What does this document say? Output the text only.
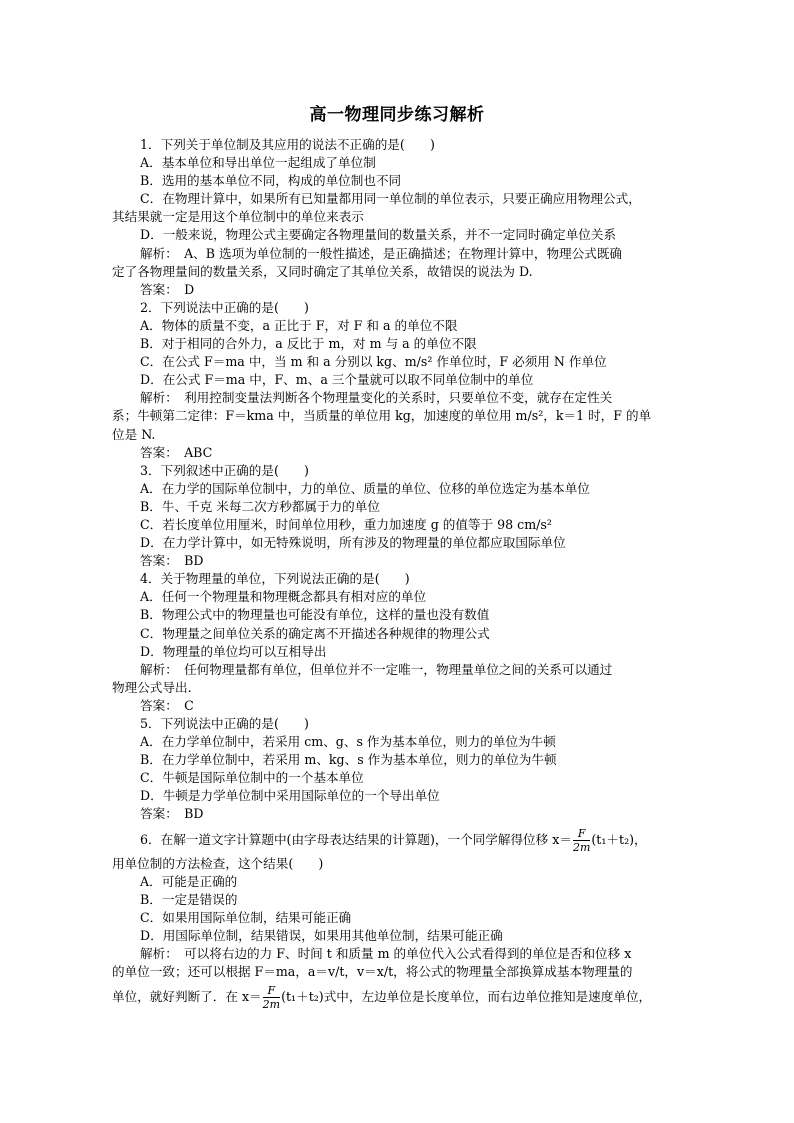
高一物理同步练习解析
1．下列关于单位制及其应用的说法不正确的是(　　)
A．基本单位和导出单位一起组成了单位制
B．选用的基本单位不同，构成的单位制也不同
C．在物理计算中，如果所有已知量都用同一单位制的单位表示，只要正确应用物理公式，
其结果就一定是用这个单位制中的单位来表示
D．一般来说，物理公式主要确定各物理量间的数量关系，并不一定同时确定单位关系
解析：　A、B 选项为单位制的一般性描述，是正确描述；在物理计算中，物理公式既确
定了各物理量间的数量关系，又同时确定了其单位关系，故错误的说法为 D.
答案：　D
2．下列说法中正确的是(　　)
A．物体的质量不变，a 正比于 F，对 F 和 a 的单位不限
B．对于相同的合外力，a 反比于 m，对 m 与 a 的单位不限
C．在公式 F＝ma 中，当 m 和 a 分别以 kg、m/s² 作单位时，F 必须用 N 作单位
D．在公式 F＝ma 中，F、m、a 三个量就可以取不同单位制中的单位
解析：　利用控制变量法判断各个物理量变化的关系时，只要单位不变，就存在定性关
系；牛顿第二定律：F＝kma 中，当质量的单位用 kg，加速度的单位用 m/s²，k＝1 时，F 的单
位是 N.
答案：　ABC
3．下列叙述中正确的是(　　)
A．在力学的国际单位制中，力的单位、质量的单位、位移的单位选定为基本单位
B．牛、千克 米每二次方秒都属于力的单位
C．若长度单位用厘米，时间单位用秒，重力加速度 g 的值等于 98 cm/s²
D．在力学计算中，如无特殊说明，所有涉及的物理量的单位都应取国际单位
答案：　BD
4．关于物理量的单位，下列说法正确的是(　　)
A．任何一个物理量和物理概念都具有相对应的单位
B．物理公式中的物理量也可能没有单位，这样的量也没有数值
C．物理量之间单位关系的确定离不开描述各种规律的物理公式
D．物理量的单位均可以互相导出
解析：　任何物理量都有单位，但单位并不一定唯一，物理量单位之间的关系可以通过
物理公式导出.
答案：　C
5．下列说法中正确的是(　　)
A．在力学单位制中，若采用 cm、g、s 作为基本单位，则力的单位为牛顿
B．在力学单位制中，若采用 m、kg、s 作为基本单位，则力的单位为牛顿
C．牛顿是国际单位制中的一个基本单位
D．牛顿是力学单位制中采用国际单位的一个导出单位
答案：　BD
6．在解一道文字计算题中(由字母表达结果的计算题)，一个同学解得位移 $x= \frac{F}{2m} (t_1+t_2)$，
用单位制的方法检查，这个结果(　　)
A．可能是正确的
B．一定是错误的
C．如果用国际单位制，结果可能正确
D．用国际单位制，结果错误，如果用其他单位制，结果可能正确
解析：　可以将右边的力 F、时间 t 和质量 m 的单位代入公式看得到的单位是否和位移 x
的单位一致；还可以根据 F＝ma，a＝v/t，v＝x/t，将公式的物理量全部换算成基本物理量的
单位，就好判断了．在 $x= \frac{F}{2m} (t_1+t_2)$式中，左边单位是长度单位，而右边单位推知是速度单位，
